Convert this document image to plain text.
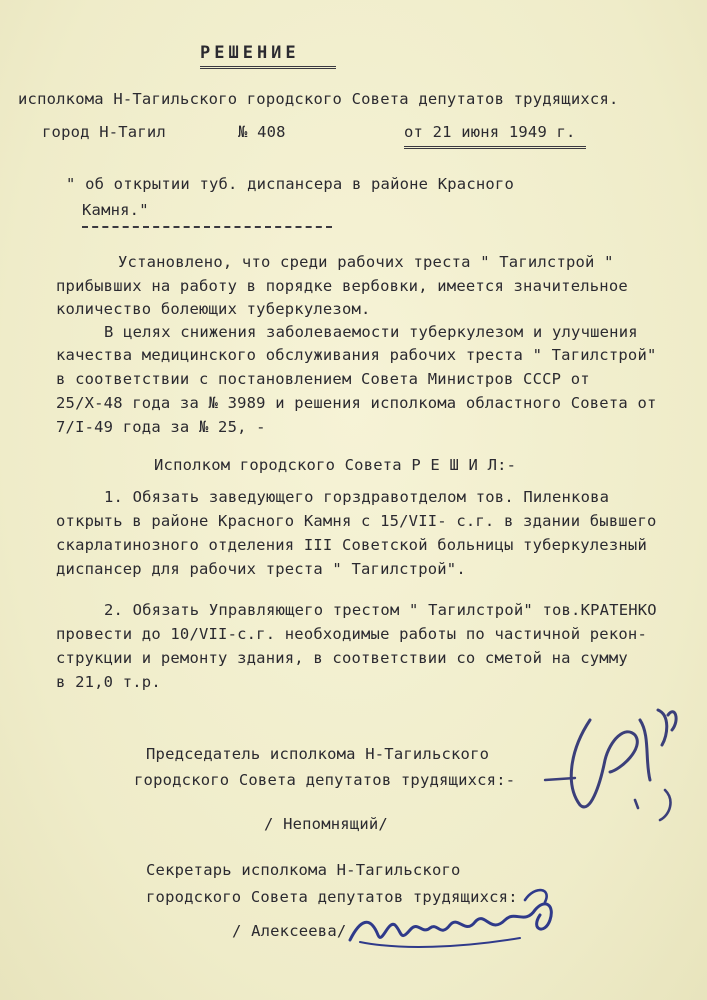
РЕШЕНИЕ
исполкома Н-Тагильского городского Совета депутатов трудящихся.
город Н-Тагил	№ 408	от 21 июня 1949 г.
" об открытии туб. диспансера в районе Красного
Камня."
Установлено, что среди рабочих треста " Тагилстрой "
прибывших на работу в порядке вербовки, имеется значительное
количество болеющих туберкулезом.
В целях снижения заболеваемости туберкулезом и улучшения
качества медицинского обслуживания рабочих треста " Тагилстрой"
в соответствии с постановлением Совета Министров СССР от
25/Х-48 года за № 3989 и решения исполкома областного Совета от
7/І-49 года за № 25, -
Исполком городского Совета Р Е Ш И Л:-
1. Обязать заведующего горздравотделом тов. Пиленкова
открыть в районе Красного Камня с 15/VII- с.г. в здании бывшего
скарлатинозного отделения III Советской больницы туберкулезный
диспансер для рабочих треста " Тагилстрой".
2. Обязать Управляющего трестом " Тагилстрой" тов.КРАТЕНКО
провести до 10/VII-с.г. необходимые работы по частичной рекон-
струкции и ремонту здания, в соответствии со сметой на сумму
в 21,0 т.р.
Председатель исполкома Н-Тагильского
городского Совета депутатов трудящихся:-
/ Непомнящий/
Секретарь исполкома Н-Тагильского
городского Совета депутатов трудящихся:
/ Алексеева/
